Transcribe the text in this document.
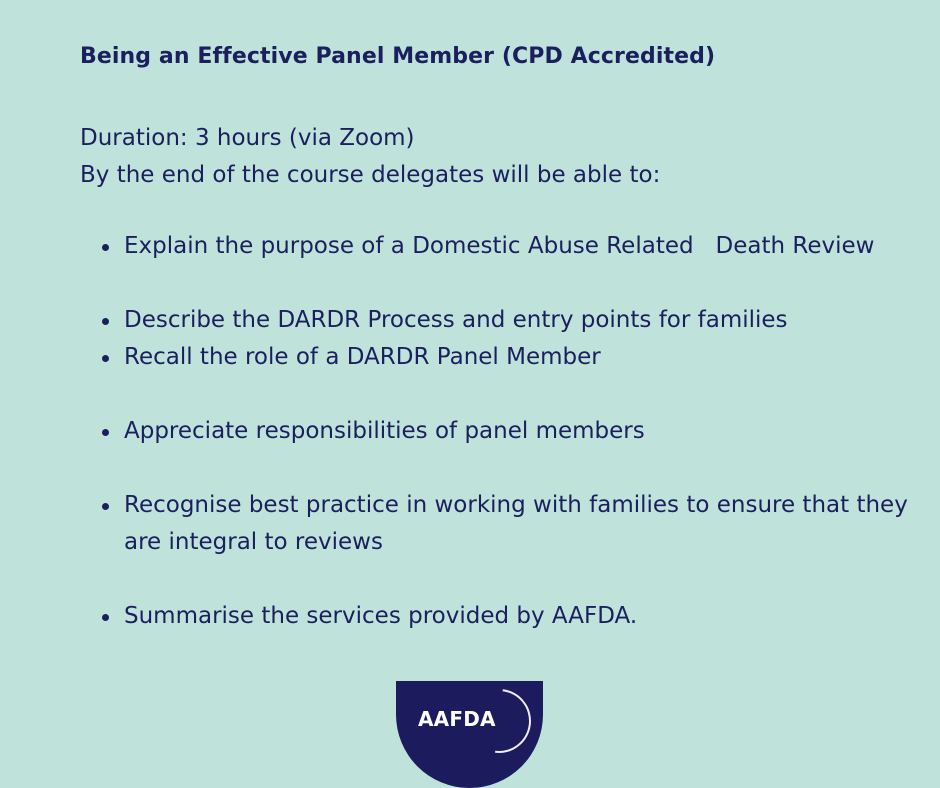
Being an Effective Panel Member (CPD Accredited)
Duration: 3 hours (via Zoom)
By the end of the course delegates will be able to:
Explain the purpose of a Domestic Abuse Related   Death Review
Describe the DARDR Process and entry points for families
Recall the role of a DARDR Panel Member
Appreciate responsibilities of panel members
Recognise best practice in working with families to ensure that they are integral to reviews
Summarise the services provided by AAFDA.
AAFDA
